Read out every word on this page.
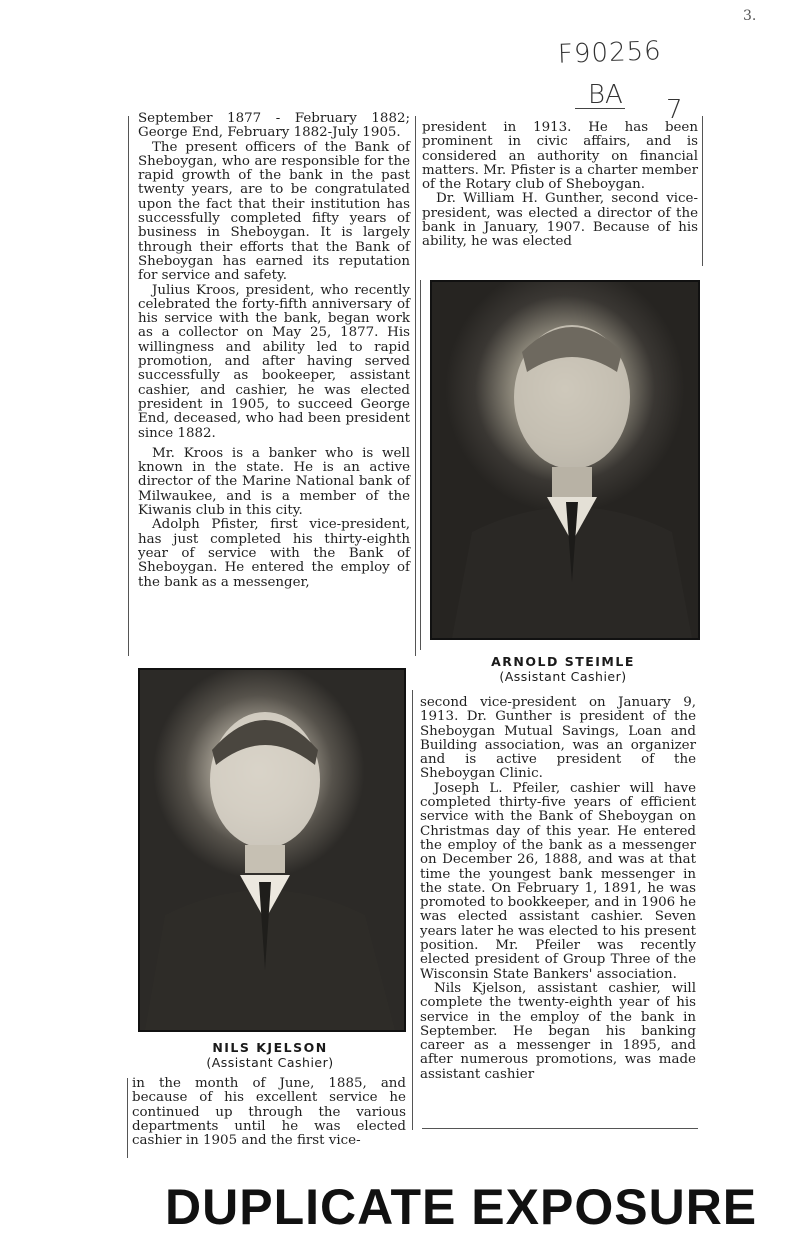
3.
F90256
BA 7

September 1877 - February 1882; George End, February 1882-July 1905.

The present officers of the Bank of Sheboygan, who are responsible for the rapid growth of the bank in the past twenty years, are to be congratulated upon the fact that their institution has successfully completed fifty years of business in Sheboygan. It is largely through their efforts that the Bank of Sheboygan has earned its reputation for service and safety.

Julius Kroos, president, who recently celebrated the forty-fifth anniversary of his service with the bank, began work as a collector on May 25, 1877. His willingness and ability led to rapid promotion, and after having served successfully as bookeeper, assistant cashier, and cashier, he was elected president in 1905, to succeed George End, deceased, who had been president since 1882.

Mr. Kroos is a banker who is well known in the state. He is an active director of the Marine National bank of Milwaukee, and is a member of the Kiwanis club in this city.

Adolph Pfister, first vice-president, has just completed his thirty-eighth year of service with the Bank of Sheboygan. He entered the employ of the bank as a messenger,

president in 1913. He has been prominent in civic affairs, and is considered an authority on financial matters. Mr. Pfister is a charter member of the Rotary club of Sheboygan.

Dr. William H. Gunther, second vice-president, was elected a director of the bank in January, 1907. Because of his ability, he was elected

ARNOLD STEIMLE
(Assistant Cashier)
NILS KJELSON
(Assistant Cashier)

in the month of June, 1885, and because of his excellent service he continued up through the various departments until he was elected cashier in 1905 and the first vice-

second vice-president on January 9, 1913. Dr. Gunther is president of the Sheboygan Mutual Savings, Loan and Building association, was an organizer and is active president of the Sheboygan Clinic.

Joseph L. Pfeiler, cashier will have completed thirty-five years of efficient service with the Bank of Sheboygan on Christmas day of this year. He entered the employ of the bank as a messenger on December 26, 1888, and was at that time the youngest bank messenger in the state. On February 1, 1891, he was promoted to bookkeeper, and in 1906 he was elected assistant cashier. Seven years later he was elected to his present position. Mr. Pfeiler was recently elected president of Group Three of the Wisconsin State Bankers' association.

Nils Kjelson, assistant cashier, will complete the twenty-eighth year of his service in the employ of the bank in September. He began his banking career as a messenger in 1895, and after numerous promotions, was made assistant cashier

DUPLICATE EXPOSURE
